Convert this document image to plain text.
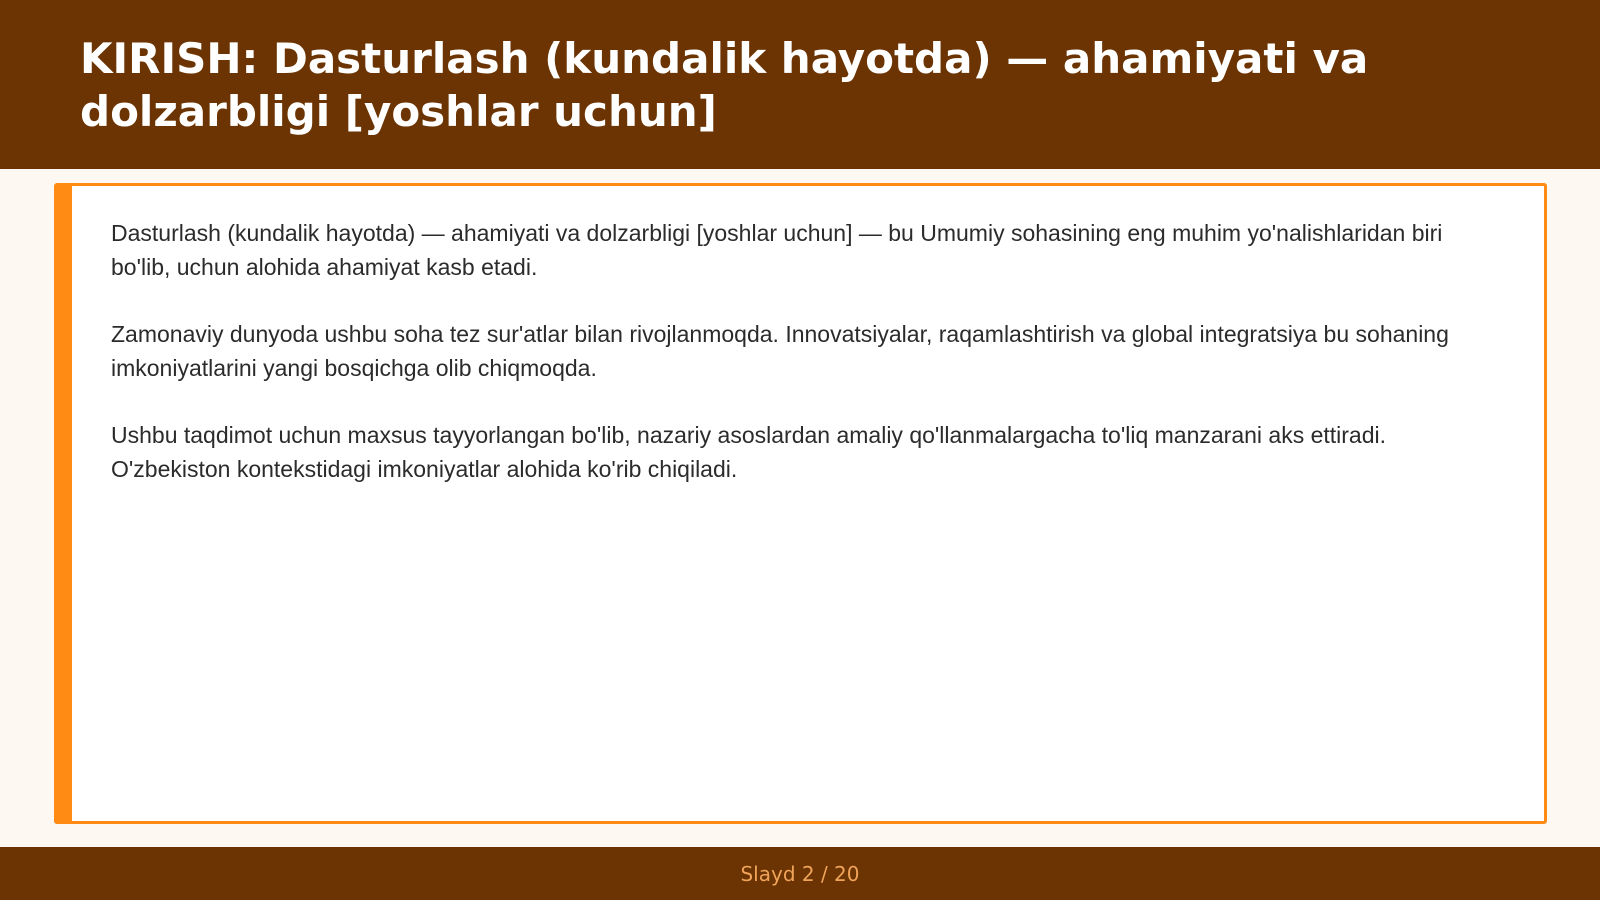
KIRISH: Dasturlash (kundalik hayotda) — ahamiyati va dolzarbligi [yoshlar uchun]

Dasturlash (kundalik hayotda) — ahamiyati va dolzarbligi [yoshlar uchun] — bu Umumiy sohasining eng muhim yo'nalishlaridan biri bo'lib, uchun alohida ahamiyat kasb etadi.

Zamonaviy dunyoda ushbu soha tez sur'atlar bilan rivojlanmoqda. Innovatsiyalar, raqamlashtirish va global integratsiya bu sohaning imkoniyatlarini yangi bosqichga olib chiqmoqda.

Ushbu taqdimot uchun maxsus tayyorlangan bo'lib, nazariy asoslardan amaliy qo'llanmalargacha to'liq manzarani aks ettiradi. O'zbekiston kontekstidagi imkoniyatlar alohida ko'rib chiqiladi.

Slayd 2 / 20
